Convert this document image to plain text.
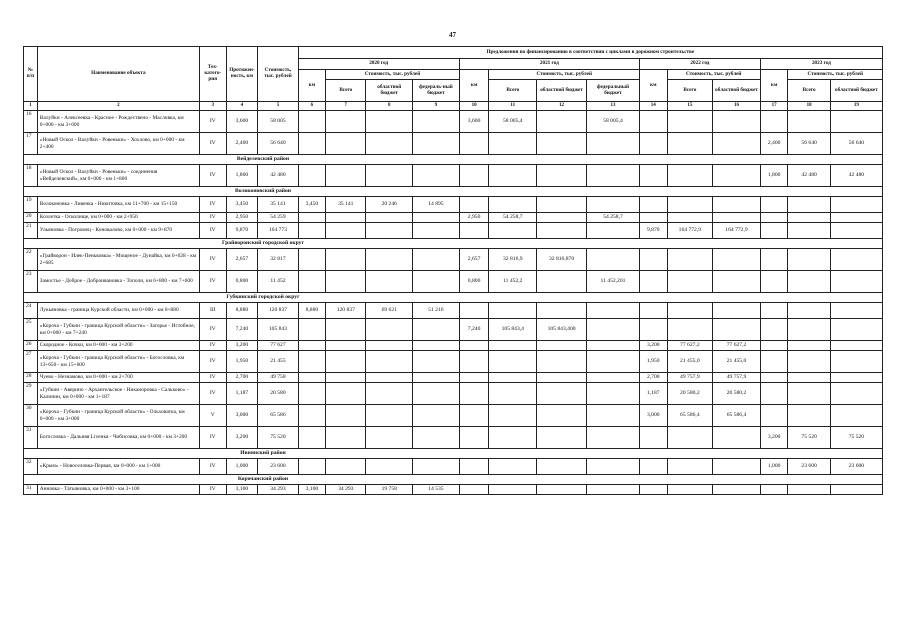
47
№ п/п	Наименование объекта	Тех-катего-рия	Протяжен-ность, км	Стоимость, тыс. рублей	Предложения по финансированию в соответствии с циклами в дорожном строительстве													
					2020 год				2021 год				2022 год			2023 год		
					км	Стоимость, тыс. рублей			км	Стоимость, тыс. рублей			км	Стоимость, тыс. рублей		км	Стоимость, тыс. рублей	
						Всего	областной бюджет	федераль-ный бюджет		Всего	областной бюджет	федеральный бюджет		Всего	областной бюджет		Всего	областной бюджет
1	2	3	4	5	6	7	8	9	10	11	12	13	14	15	16	17	18	19
16	Валуйки - Алексеевка - Красное - Рождествено - Масловка, км 0+000 - км 3+600	IV	3,600	58 005					3,600	58 005,4		58 005,4						
17	«Новый Оскол - Валуйки - Ровеньки» - Хохлово, км 0+000 - км 2+400	IV	2,400	56 640												2,400	56 640	56 640
Вейделевский район																		
18	«Новый Оскол - Валуйки - Ровеньки» - соединения «Вейделевский», км 0+000 - км 1+800	IV	1,800	42 480												1,800	42 480	42 480
Волоконовский район																		
19	Волоконовка - Ливенка - Никитовка, км 11+700 - км 15+150	IV	3,450	35 141	3,450	35 141	20 246	14 895										
20	Козлетка - Осколище, км 0+000 - км 2+950	IV	2,950	54 259					2,950	54 258,7		54 258,7						
21	Ульяновка - Погромец - Коновалово, км 0+000 - км 9+870	IV	9,870	164 773									9,870	164 772,9	164 772,9			
Грайворонский городской округ																		
22	«Грайворон - Илек-Пеньковка» - Мощеное - Дунайка, км 0+028 - км 2+685	IV	2,657	32 817					2,657	32 816,9	32 816,870							
23	Замостье - Доброе - Доброивановка - Тополи, км 6+800 - км 7+600	IV	0,800	11 452					0,800	11 452,2		11 452,201						
Губкинский городской округ																		
24	Лукьяновка - граница Курской области, км 0+000 - км 8+880	III	8,880	120 837	8,880	120 837	69 621	51 216										
25	«Короча - Губкин - граница Курской области» - Загорье - Истобное, км 0+000 - км 7+240	IV	7,240	105 843					7,240	105 843,4	105 843,400							
26	Скородное - Кочки, км 0+000 - км 3+200	IV	3,200	77 627									3,200	77 627,2	77 627,2			
27	«Короча - Губкин - граница Курской области» - Богословка, км 13+650 - км 15+600	IV	1,950	21 455									1,950	21 455,0	21 455,0			
28	Чуево - Незнамово, км 0+000 - км 2+700	IV	2,700	49 758									2,700	49 757,9	49 757,9			
29	«Губкин - Аверино - Архангельское - Никаноровка - Сальково» - Калинин, км 0+000 - км 1+187	IV	1,187	20 580									1,187	20 580,2	20 580,2			
30	«Короча - Губкин - граница Курской области» - Ольховатка, км 0+000 - км 3+000	V	3,000	65 586									3,000	65 586,4	65 586,4			
31	Богословка - Дальняя Livенка - Чибисовка, км 0+000 - км 3+200	IV	3,200	75 520												3,200	75 520	75 520
Ивнянский район																		
32	«Крым» - Новоселовка-Первая, км 0+000 - км 1+000	IV	1,000	23 600												1,000	23 600	23 600
Корочанский район																		
31	Анновка - Татьяновка, км 0+000 - км 3+100	IV	3,100	34 293	3,100	34 293	19 758	14 535										
